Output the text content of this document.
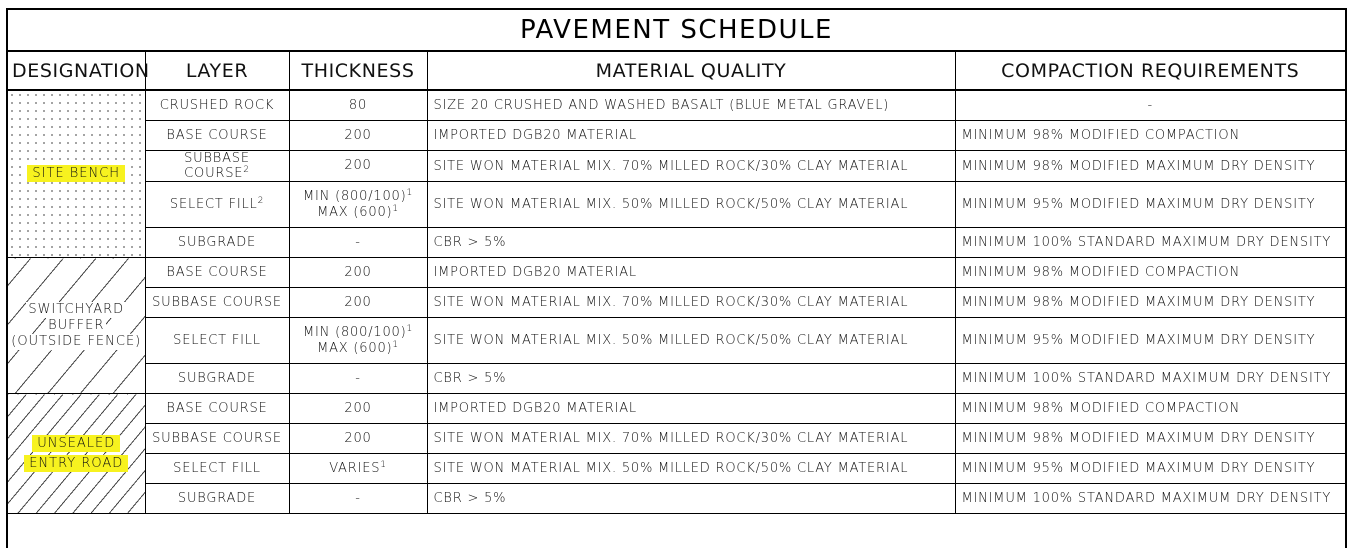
PAVEMENT SCHEDULE
DESIGNATION	LAYER	THICKNESS	MATERIAL QUALITY	COMPACTION REQUIREMENTS
SITE BENCH	CRUSHED ROCK	80	SIZE 20 CRUSHED AND WASHED BASALT (BLUE METAL GRAVEL)	-
	BASE COURSE	200	IMPORTED DGB20 MATERIAL	MINIMUM 98% MODIFIED COMPACTION
	SUBBASE COURSE$^2$	200	SITE WON MATERIAL MIX. 70% MILLED ROCK/30% CLAY MATERIAL	MINIMUM 98% MODIFIED MAXIMUM DRY DENSITY
	SELECT FILL$^2$	MIN $(800/100)^1$
MAX $(600)^1$	SITE WON MATERIAL MIX. 50% MILLED ROCK/50% CLAY MATERIAL	MINIMUM 95% MODIFIED MAXIMUM DRY DENSITY
	SUBGRADE	-	CBR > 5%	MINIMUM 100% STANDARD MAXIMUM DRY DENSITY
SWITCHYARD
BUFFER
(OUTSIDE FENCE)	BASE COURSE	200	IMPORTED DGB20 MATERIAL	MINIMUM 98% MODIFIED COMPACTION
	SUBBASE COURSE	200	SITE WON MATERIAL MIX. 70% MILLED ROCK/30% CLAY MATERIAL	MINIMUM 98% MODIFIED MAXIMUM DRY DENSITY
	SELECT FILL	MIN $(800/100)^1$
MAX $(600)^1$	SITE WON MATERIAL MIX. 50% MILLED ROCK/50% CLAY MATERIAL	MINIMUM 95% MODIFIED MAXIMUM DRY DENSITY
	SUBGRADE	-	CBR > 5%	MINIMUM 100% STANDARD MAXIMUM DRY DENSITY
UNSEALED
ENTRY ROAD	BASE COURSE	200	IMPORTED DGB20 MATERIAL	MINIMUM 98% MODIFIED COMPACTION
	SUBBASE COURSE	200	SITE WON MATERIAL MIX. 70% MILLED ROCK/30% CLAY MATERIAL	MINIMUM 98% MODIFIED MAXIMUM DRY DENSITY
	SELECT FILL	VARIES$^1$	SITE WON MATERIAL MIX. 50% MILLED ROCK/50% CLAY MATERIAL	MINIMUM 95% MODIFIED MAXIMUM DRY DENSITY
	SUBGRADE	-	CBR > 5%	MINIMUM 100% STANDARD MAXIMUM DRY DENSITY
